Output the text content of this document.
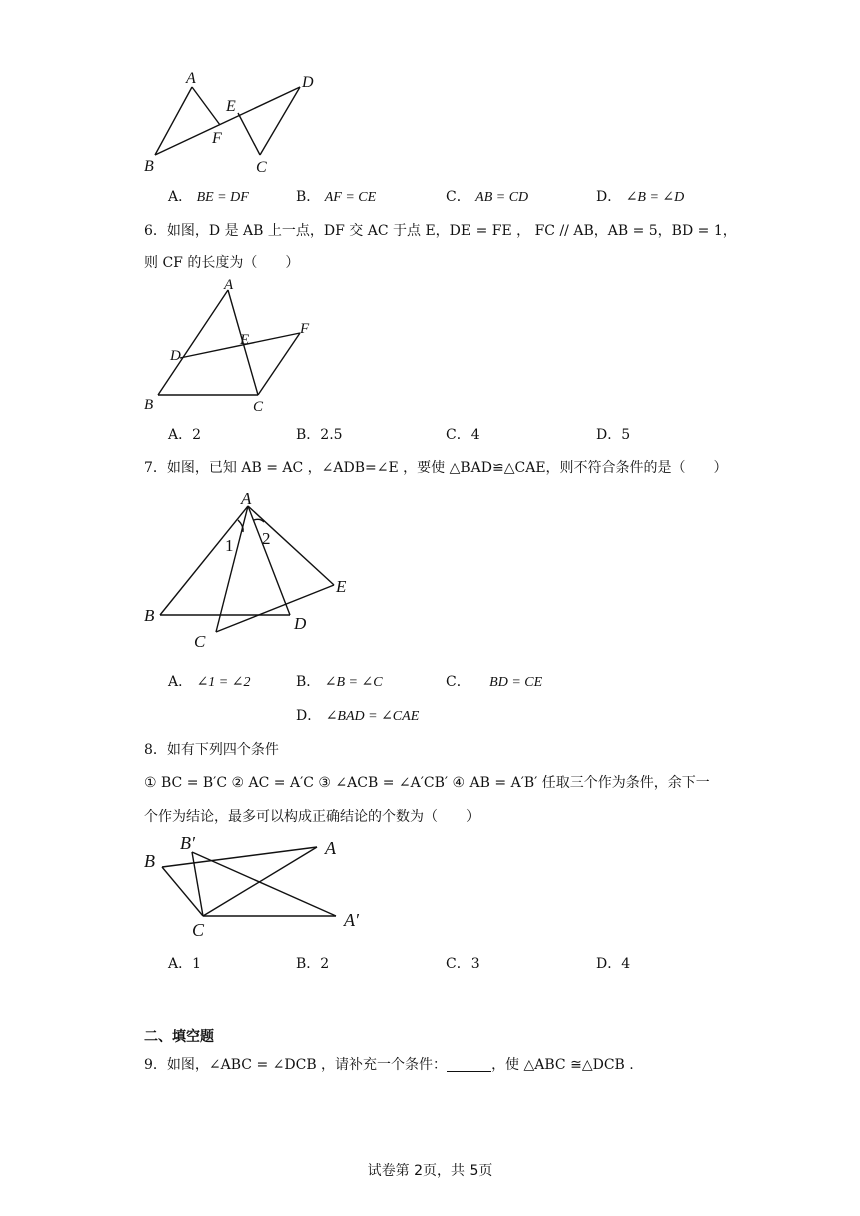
A
B	C
D
E
F
A． BE = DF	B． AF = CE	C． AB = CD	D． ∠B = ∠D
6．如图，D 是 AB 上一点，DF 交 AC 于点 E，DE = FE ， FC // AB，AB = 5，BD = 1，
则 CF 的长度为（　　）
A
B	C
D
E
F
A．2	B．2.5	C．4	D．5
7．如图，已知 AB = AC ，∠ADB=∠E ，要使 △BAD≌△CAE，则不符合条件的是（　　）
A
B
C
D
E
1 2
A． ∠1 = ∠2	B． ∠B = ∠C	C． BD = CE
D． ∠BAD = ∠CAE
8．如有下列四个条件
① BC = B′C ② AC = A′C ③ ∠ACB = ∠A′CB′ ④ AB = A′B′ 任取三个作为条件，余下一
个作为结论，最多可以构成正确结论的个数为（　　）
B
B′	A
C	A′
A．1	B．2	C．3	D．4
二、填空题
9．如图，∠ABC = ∠DCB ，请补充一个条件：	，使 △ABC ≅△DCB .
试卷第 2页，共 5页
